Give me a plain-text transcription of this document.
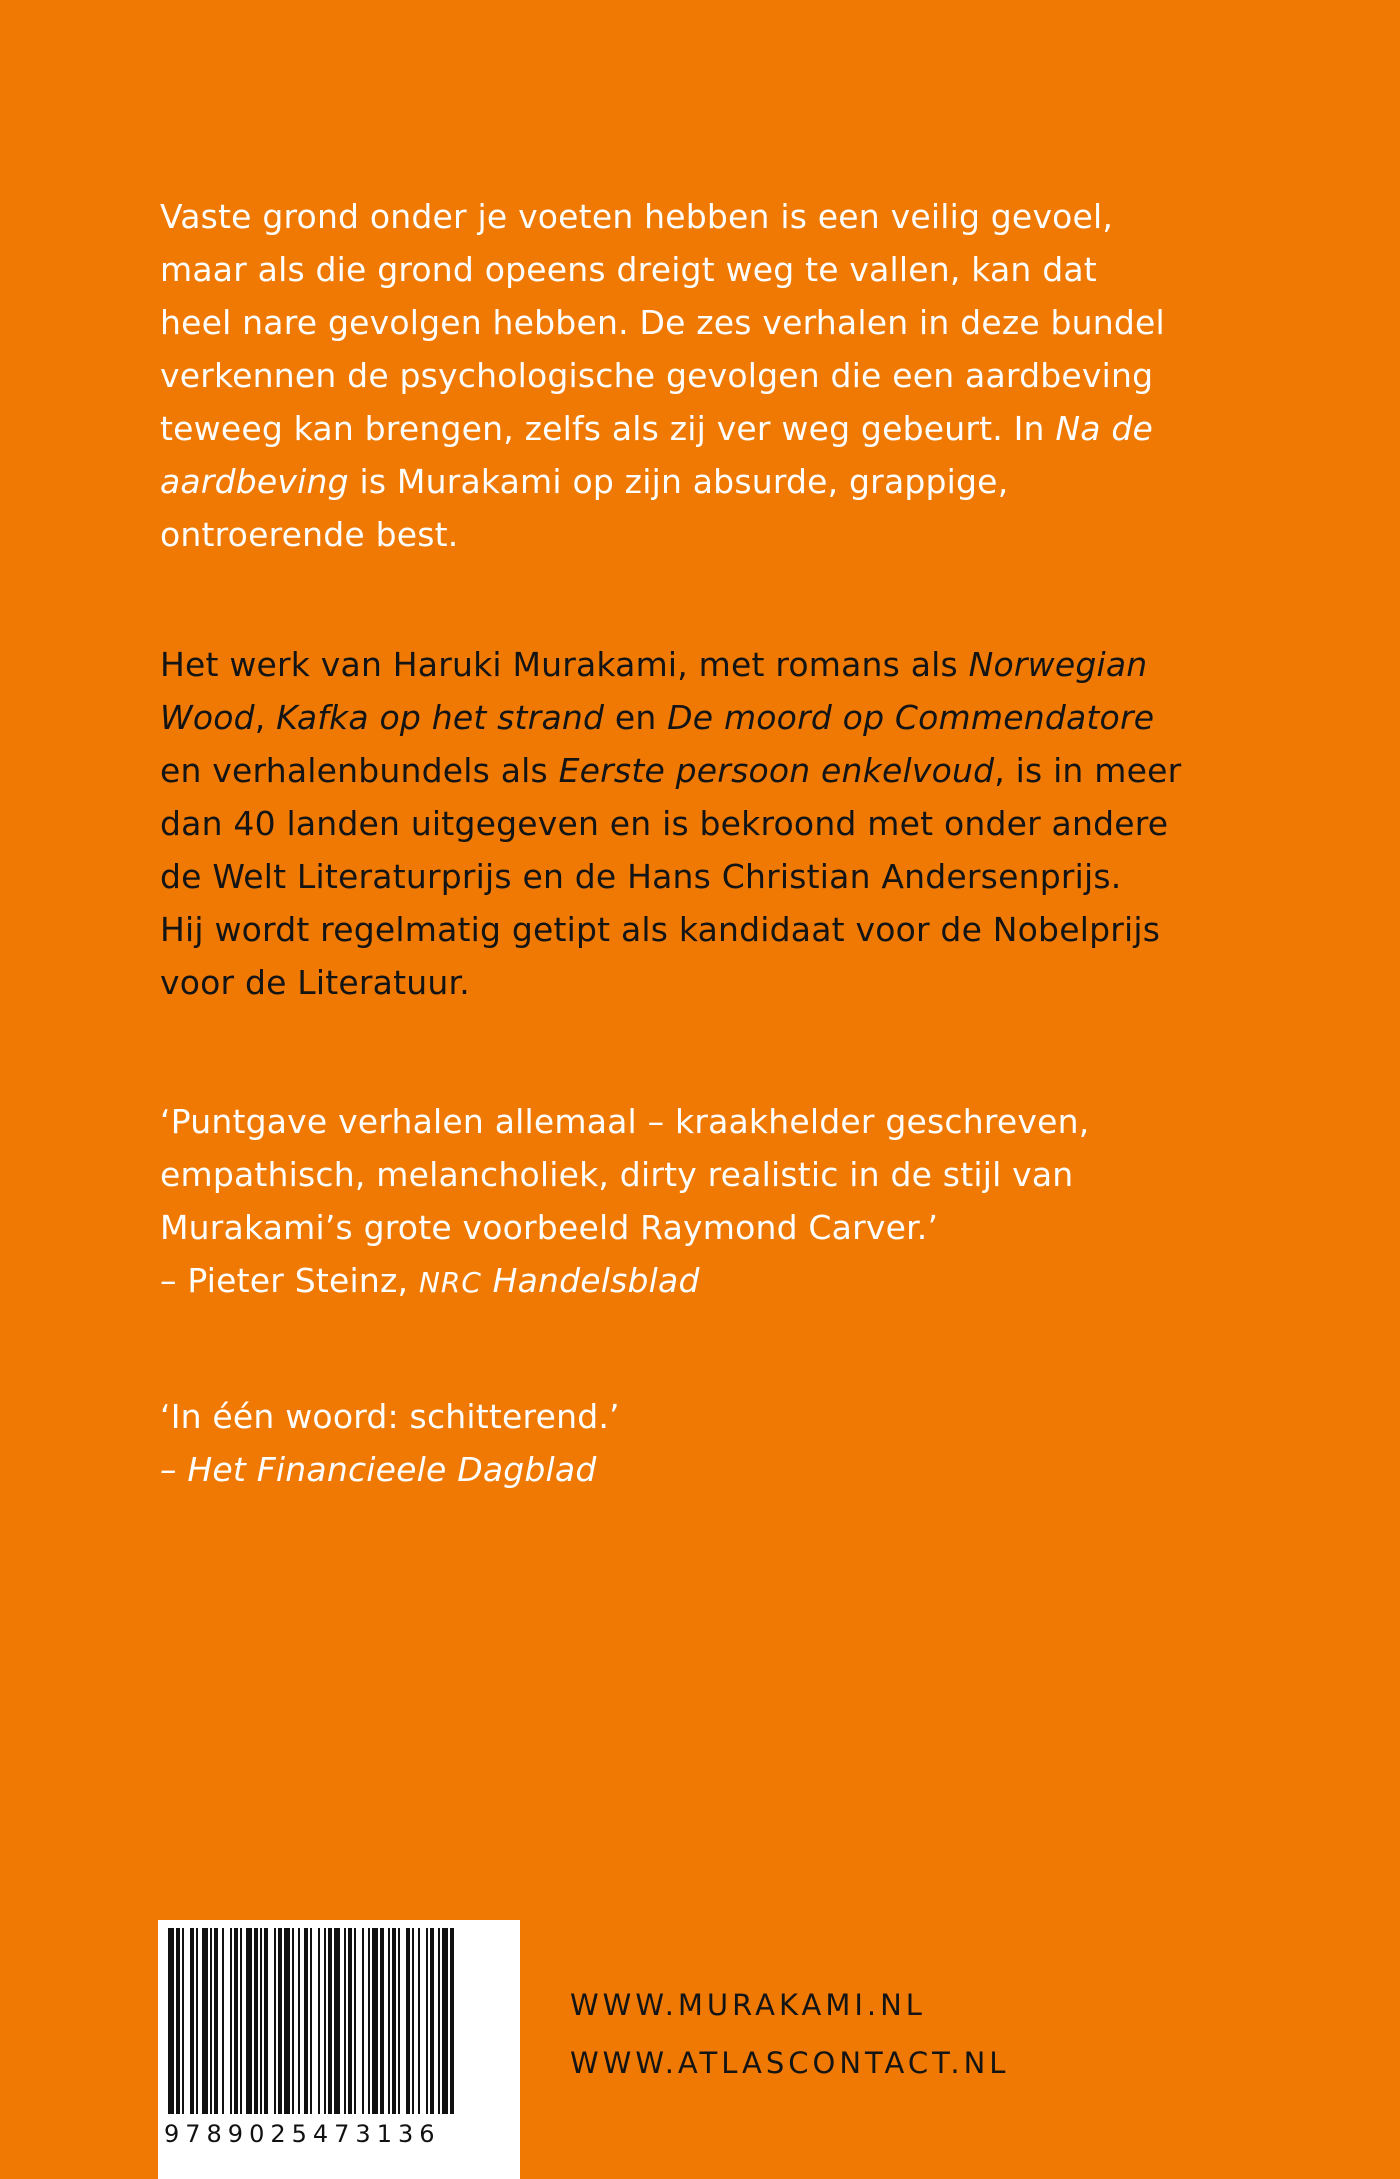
Vaste grond onder je voeten hebben is een veilig gevoel,
maar als die grond opeens dreigt weg te vallen, kan dat
heel nare gevolgen hebben. De zes verhalen in deze bundel
verkennen de psychologische gevolgen die een aardbeving
teweeg kan brengen, zelfs als zij ver weg gebeurt. In Na de
aardbeving is Murakami op zijn absurde, grappige,
ontroerende best.
Het werk van Haruki Murakami, met romans als Norwegian
Wood, Kafka op het strand en De moord op Commendatore
en verhalenbundels als Eerste persoon enkelvoud, is in meer
dan 40 landen uitgegeven en is bekroond met onder andere
de Welt Literaturprijs en de Hans Christian Andersenprijs.
Hij wordt regelmatig getipt als kandidaat voor de Nobelprijs
voor de Literatuur.
‘Puntgave verhalen allemaal – kraakhelder geschreven,
empathisch, melancholiek, dirty realistic in de stijl van
Murakami’s grote voorbeeld Raymond Carver.’
– Pieter Steinz, NRC Handelsblad
‘In één woord: schitterend.’
– Het Financieele Dagblad
9789025473136
WWW.MURAKAMI.NL
WWW.ATLASCONTACT.NL
